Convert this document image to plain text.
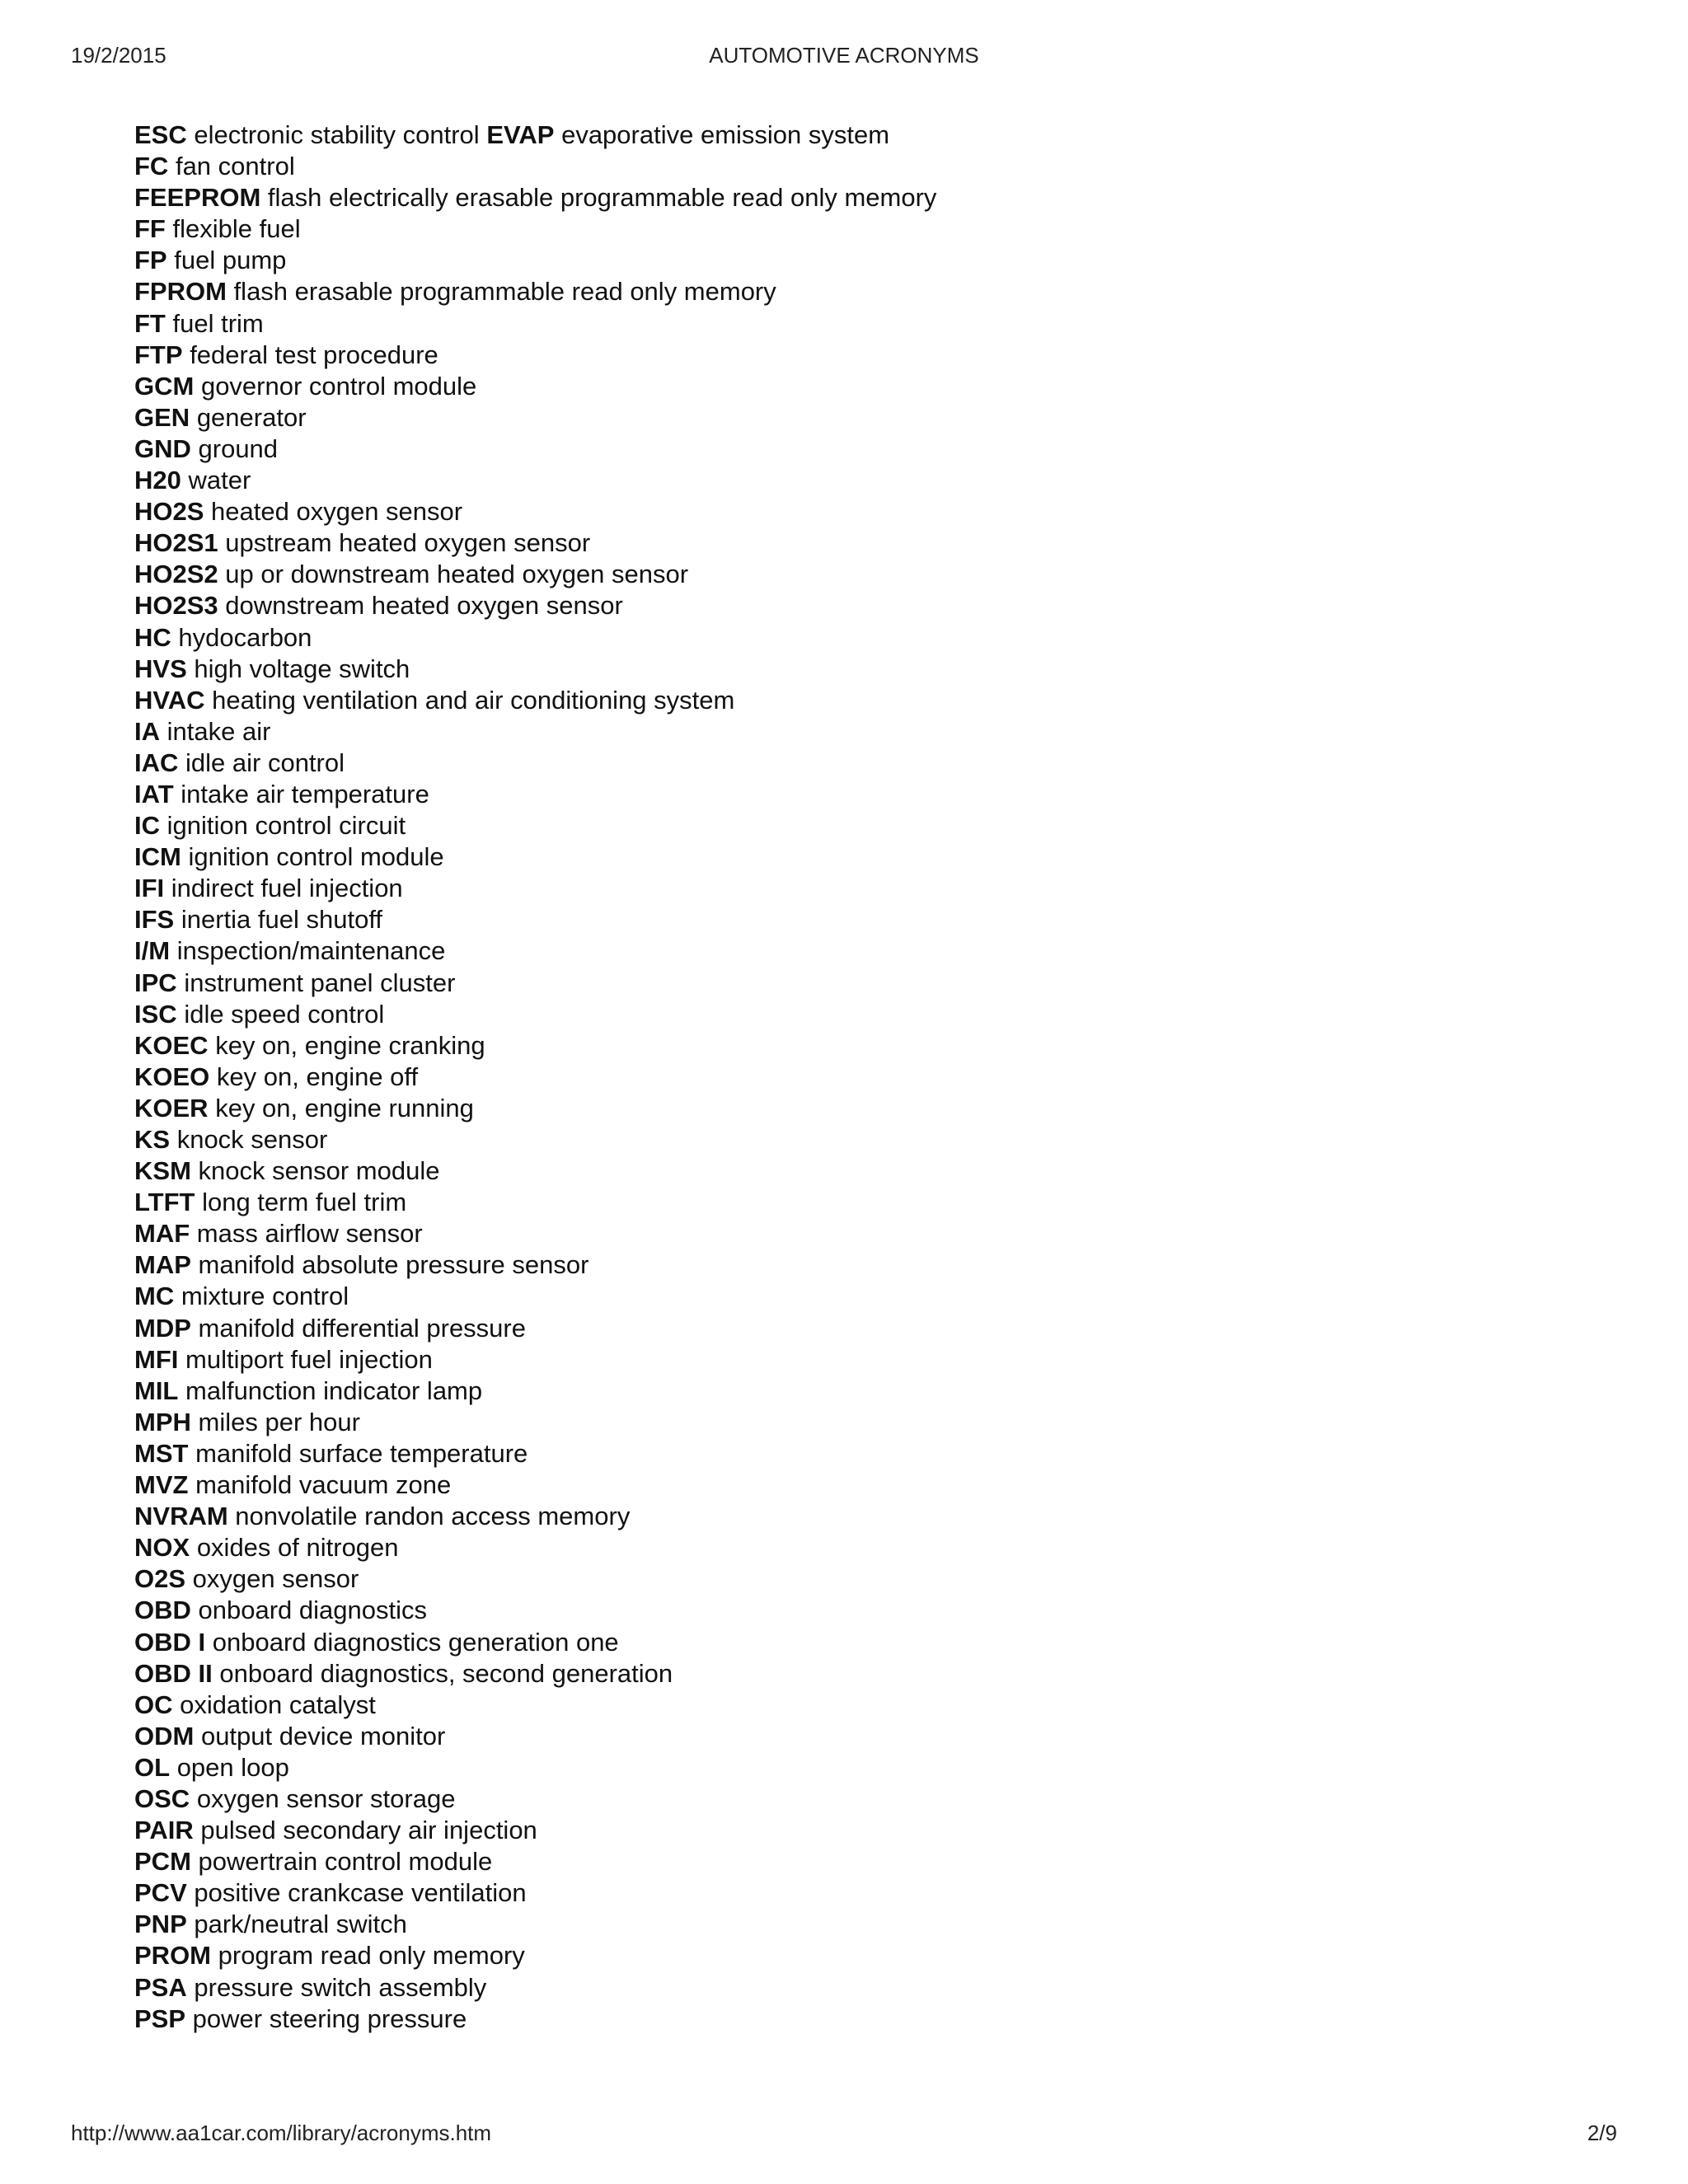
19/2/2015	AUTOMOTIVE ACRONYMS
ESC electronic stability control EVAP evaporative emission system
FC fan control
FEEPROM flash electrically erasable programmable read only memory
FF flexible fuel
FP fuel pump
FPROM flash erasable programmable read only memory
FT fuel trim
FTP federal test procedure
GCM governor control module
GEN generator
GND ground
H20 water
HO2S heated oxygen sensor
HO2S1 upstream heated oxygen sensor
HO2S2 up or downstream heated oxygen sensor
HO2S3 downstream heated oxygen sensor
HC hydocarbon
HVS high voltage switch
HVAC heating ventilation and air conditioning system
IA intake air
IAC idle air control
IAT intake air temperature
IC ignition control circuit
ICM ignition control module
IFI indirect fuel injection
IFS inertia fuel shutoff
I/M inspection/maintenance
IPC instrument panel cluster
ISC idle speed control
KOEC key on, engine cranking
KOEO key on, engine off
KOER key on, engine running
KS knock sensor
KSM knock sensor module
LTFT long term fuel trim
MAF mass airflow sensor
MAP manifold absolute pressure sensor
MC mixture control
MDP manifold differential pressure
MFI multiport fuel injection
MIL malfunction indicator lamp
MPH miles per hour
MST manifold surface temperature
MVZ manifold vacuum zone
NVRAM nonvolatile randon access memory
NOX oxides of nitrogen
O2S oxygen sensor
OBD onboard diagnostics
OBD I onboard diagnostics generation one
OBD II onboard diagnostics, second generation
OC oxidation catalyst
ODM output device monitor
OL open loop
OSC oxygen sensor storage
PAIR pulsed secondary air injection
PCM powertrain control module
PCV positive crankcase ventilation
PNP park/neutral switch
PROM program read only memory
PSA pressure switch assembly
PSP power steering pressure
http://www.aa1car.com/library/acronyms.htm	2/9
